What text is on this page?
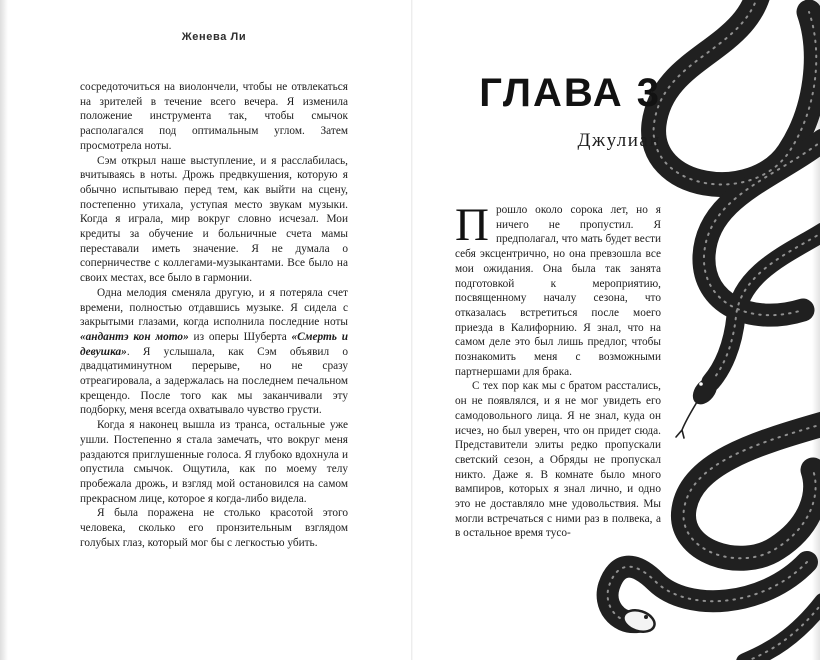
Женева Ли

сосредоточиться на виолончели, чтобы не отвлекаться на зрителей в течение всего вечера. Я изменила положение инструмента так, чтобы смычок располагался под оптимальным углом. Затем просмотрела ноты.

Сэм открыл наше выступление, и я расслабилась, вчитываясь в ноты. Дрожь предвкушения, которую я обычно испытываю перед тем, как выйти на сцену, постепенно утихала, уступая место звукам музыки. Когда я играла, мир вокруг словно исчезал. Мои кредиты за обучение и больничные счета мамы переставали иметь значение. Я не думала о соперничестве с коллегами-музыкантами. Все было на своих местах, все было в гармонии.

Одна мелодия сменяла другую, и я потеряла счет времени, полностью отдавшись музыке. Я сидела с закрытыми глазами, когда исполнила последние ноты «андантэ кон мото» из оперы Шуберта «Смерть и девушка». Я услышала, как Сэм объявил о двадцатиминутном перерыве, но не сразу отреагировала, а задержалась на последнем печальном крещендо. После того как мы заканчивали эту подборку, меня всегда охватывало чувство грусти.

Когда я наконец вышла из транса, остальные уже ушли. Постепенно я стала замечать, что вокруг меня раздаются приглушенные голоса. Я глубоко вдохнула и опустила смычок. Ощутила, как по моему телу пробежала дрожь, и взгляд мой остановился на самом прекрасном лице, которое я когда-либо видела.

Я была поражена не столько красотой этого человека, сколько его пронзительным взглядом голубых глаз, который мог бы с легкостью убить.

ГЛАВА 3
Джулиан

Прошло около сорока лет, но я ничего не пропустил. Я предполагал, что мать будет вести себя эксцентрично, но она превзошла все мои ожидания. Она была так занята подготовкой к мероприятию, посвященному началу сезона, что отказалась встретиться после моего приезда в Калифорнию. Я знал, что на самом деле это был лишь предлог, чтобы познакомить меня с возможными партнершами для брака.

С тех пор как мы с братом расстались, он не появлялся, и я не мог увидеть его самодовольного лица. Я не знал, куда он исчез, но был уверен, что он придет сюда. Представители элиты редко пропускали светский сезон, а Обряды не пропускал никто. Даже я. В комнате было много вампиров, которых я знал лично, и одно это не доставляло мне удовольствия. Мы могли встречаться с ними раз в полвека, а в остальное время тусо-
